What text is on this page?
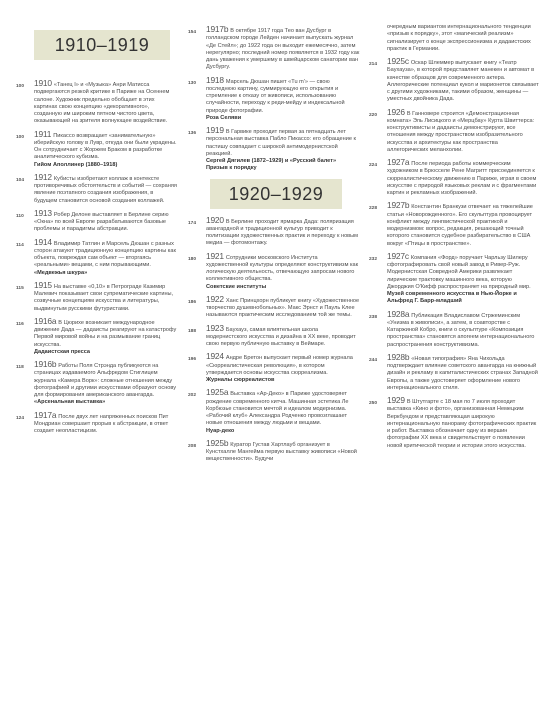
1910–1919
100 1910 «Танец I» и «Музыка» Анри Матисса подвергаются резкой критике в Париже на Осеннем салоне. Художник предельно обобщает в этих картинах свою концепцию «декоративного», созданную им широким пятном чистого цвета, оказывающей на зрителя волнующее воздействие.
100 1911 Пикассо возвращает «занимательную» иберийскую голову в Лувр, откуда они были украдены. Он сотрудничает с Жоржем Браком в разработке аналитического кубизма.
Гийом Аполлинер (1880–1918)
104 1912 Кубисты изобретают коллаж в контексте противоречивых обстоятельств и событий — сохраняя явление поэтапного создания изображения, в будущем становится основой создания коллажей.
110 1913 Робер Делоне выставляет в Берлине серию «Окна» по всей Европе разрабатываются базовые проблемы и парадигмы абстракции.
114 1914 Владимир Татлин и Марсель Дюшан с разных сторон атакуют традиционную концепцию картины как объекта, повреждая сам объект — вторгаясь «реальными» вещами, с ним порывающими.
«Медвежья шкура»
115 1915 На выставке «0,10» в Петрограде Казимир Малевич показывает свои супрематические картины, созвучные концепциям искусства и литературы, выдвинутым русскими футуристами.
116 1916а В Цюрихе возникает международное движение Дада — дадаисты реагируют на катастрофу Первой мировой войны и на размывание границ искусства.
Дадаистская пресса
118 1916b Работы Поля Стрэнда публикуются на страницах издаваемого Альфредом Стиглицем журнала «Камера Ворк»: сложные отношения между фотографией и другими искусствами образуют основу для формирования американского авангарда.
«Арсенальная выставка»
124 1917a После двух лет напряженных поисков Пит Мондриан совершает прорыв к абстракции, в ответ создает неопластицизм.
154 1917b В октябре 1917 года Тео ван Дусбург в голландском городе Лейден начинает выпускать журнал «Де Стейл»; до 1922 года он выходит ежемесячно, затем нерегулярно; последний номер появляется в 1932 году как дань уважения к умершему в швейцарском санатории ван Дусбургу.
130 1918 Марсель Дюшан пишет «Tu m'» — свою последнюю картину, суммирующую его открытия и стремление к отказу от живописи, использованию случайности, переходу к реди-мейду и индексальной природе фотографии.
Роза Селяви
136 1919 В Гарвике проходит первая за пятнадцать лет персональная выставка Пабло Пикассо: его обращение к пастишу совпадает с широкой антимодернистской реакцией.
Сергей Дягилев (1872–1929) и «Русский балет»
Призыв к порядку
1920–1929
174 1920 В Берлине проходит ярмарка Дада: поляризация авангардной и традиционной культур приводит к политизации художественных практик и переходу к новым медиа — фотомонтажу.
180 1921 Сотрудники московского Института художественной культуры определяют конструктивизм как логическую деятельность, отвечающую запросам нового коллективного общества.
Советские институты
186 1922 Ханс Принцхорн публикует книгу «Художественное творчество душевнобольных». Макс Эрнст и Пауль Клее называются практическим исследованием той же темы.
188 1923 Баухауз, самая влиятельная школа модернистского искусства и дизайна в XX веке, проводит свою первую публичную выставку в Веймаре.
196 1924 Андре Бретон выпускает первый номер журнала «Сюрреалистическая революция», в котором утверждается основы искусства сюрреализма.
Журналы сюрреалистов
202 1925а Выставка «Ар-Деко» в Париже удостоверяет рождение современного китча. Машинная эстетика Ле Корбюзье становится мечтой и идеалом модернизма. «Рабочий клуб» Александра Родченко провозглашает новые отношения между людьми и вещами.
Нуар-деко
208 1925b Куратор Густав Хартлауб организует в Кунстхалле Мангейма первую выставку живописи «Новой вещественности». Будучи
очередным вариантом интернационального тенденции «призыв к порядку», этот «магический реализм» сигнализирует о конце экспрессионизма и дадаистских практик в Германии.
214 1925с Оскар Шлеммер выпускает книгу «Театр Баухауза», в которой представляет манекен и автомат в качестве образцов для современного актера. Аллегорические потенциал кукол и марионеток связывает с другими художниками, такими образом, женщины — уместных двойника Дада.
220 1926 В Ганновере строится «Демонстрационная комната» Эль Лисицкого и «Мерцбау» Курта Швиттерса: конструктивисты и дадаисты демонстрируют, все отношения между пространством изобразительного искусства и архитектуры как пространства аллегорических меланхолии.
224 1927а После периода работы коммерческим художником в Брюсселе Рене Магритт присоединяется к сюрреалистическому движению в Париже, играя в своем искусстве с природой языковых реклам и с фрагментами картин и рекламных изображений.
228 1927b Константин Бранкузи отвечает на тяжелейшие статьи «Новорожденного». Его скульптура провоцирует конфликт между лингвистической практикой и модернизмом: вопрос, редакция, решающий точный которого становится судебное разбирательство в США вокруг «Птицы в пространстве».
232 1927с Компания «Форд» поручает Чарльзу Шилеру сфотографировать свой новый завод в Ривер-Руж. Модернистская Совредной Америки развлекает лирические трактовку машинного века, которую Джорджия О'Кифф распространяет на природный мир.
Музей современного искусства в Нью-Йорке и Альфред Г. Барр-младший
238 1928а Публикация Владиславом Стржеминским «Унизма в живописи», а затем, в соавторстве с Катаржиной Кобро, книги о скульптуре «Композиция пространства» становятся апогеем интернационального распространения конструктивизма.
244 1928b «Новая типография» Яна Чихольда подтверждает влияние советского авангарда на книжный дизайн и рекламу в капиталистических странах Западной Европы, а также удостоверяет оформление нового интернационального стиля.
250 1929 В Штутгарте с 18 мая по 7 июля проходит выставка «Кино и фото», организованная Немецким Веркбундом и представляющая широкую интернациональную панораму фотографических практик и работ. Выставка обозначает одну из вершин фотографии XX века и свидетельствует о появлении новой критической теории и истории этого искусства.
